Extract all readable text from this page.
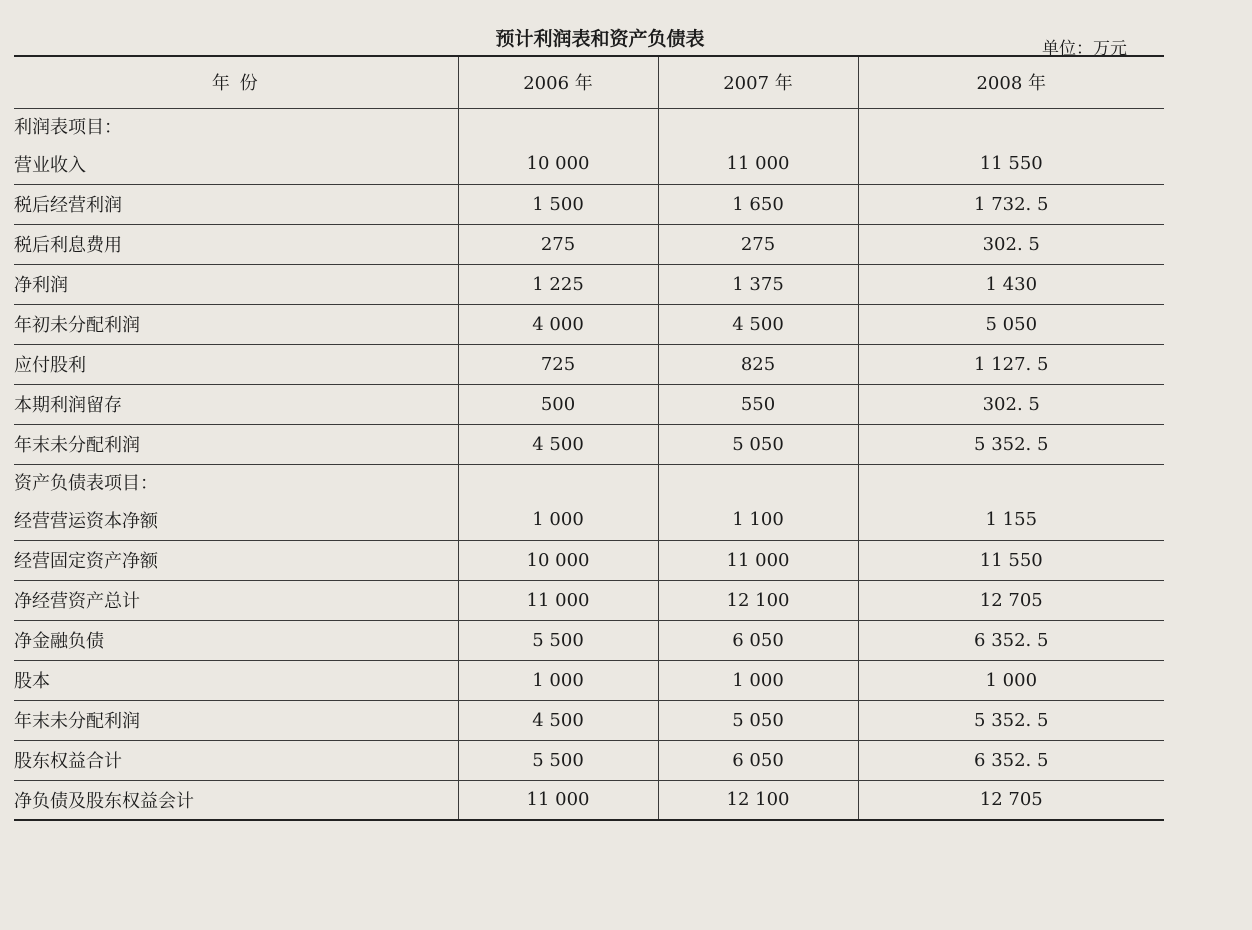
预计利润表和资产负债表	单位：万元
年 份	2006 年	2007 年	2008 年
利润表项目：			
营业收入	10 000	11 000	11 550
税后经营利润	1 500	1 650	1 732. 5
税后利息费用	275	275	302. 5
净利润	1 225	1 375	1 430
年初未分配利润	4 000	4 500	5 050
应付股利	725	825	1 127. 5
本期利润留存	500	550	302. 5
年末未分配利润	4 500	5 050	5 352. 5
资产负债表项目：			
经营营运资本净额	1 000	1 100	1 155
经营固定资产净额	10 000	11 000	11 550
净经营资产总计	11 000	12 100	12 705
净金融负债	5 500	6 050	6 352. 5
股本	1 000	1 000	1 000
年末未分配利润	4 500	5 050	5 352. 5
股东权益合计	5 500	6 050	6 352. 5
净负债及股东权益会计	11 000	12 100	12 705
